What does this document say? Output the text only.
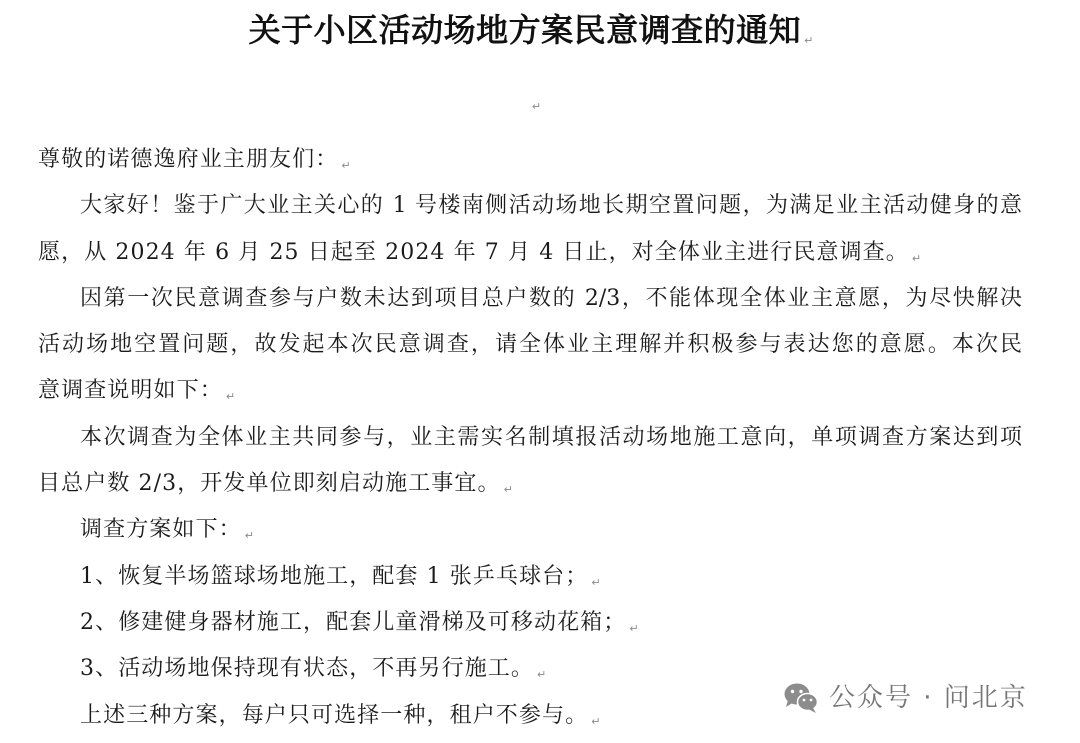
关于小区活动场地方案民意调查的通知 ↵
↵
尊敬的诺德逸府业主朋友们： ↵
大家好！鉴于广大业主关心的 1 号楼南侧活动场地长期空置问题，为满足业主活动健身的意
愿，从 2024 年 6 月 25 日起至 2024 年 7 月 4 日止，对全体业主进行民意调查。 ↵
因第一次民意调查参与户数未达到项目总户数的 2/3，不能体现全体业主意愿，为尽快解决
活动场地空置问题，故发起本次民意调查，请全体业主理解并积极参与表达您的意愿。本次民
意调查说明如下： ↵
本次调查为全体业主共同参与，业主需实名制填报活动场地施工意向，单项调查方案达到项
目总户数 2/3，开发单位即刻启动施工事宜。 ↵
调查方案如下： ↵
1、恢复半场篮球场地施工，配套 1 张乒乓球台； ↵
2、修建健身器材施工，配套儿童滑梯及可移动花箱； ↵
3、活动场地保持现有状态，不再另行施工。 ↵
上述三种方案，每户只可选择一种，租户不参与。 ↵
公众号 · 问北京
